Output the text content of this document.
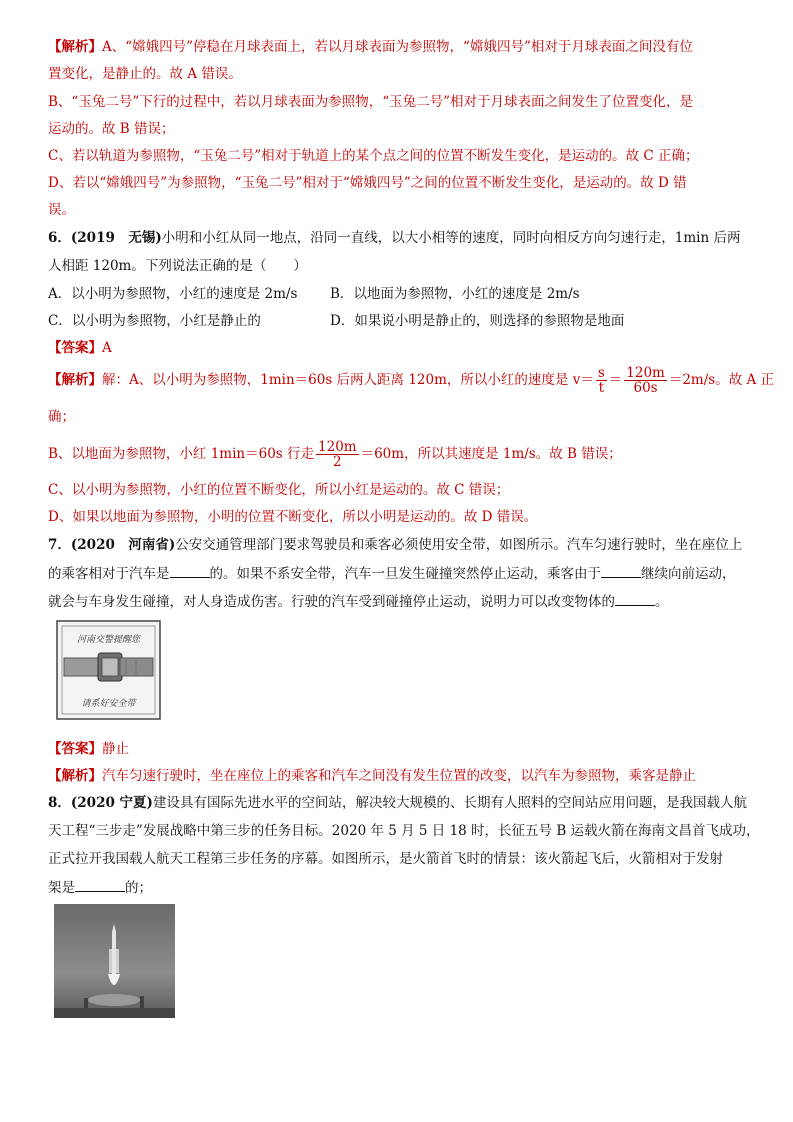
【解析】A、“嫦娥四号”停稳在月球表面上，若以月球表面为参照物，“嫦娥四号”相对于月球表面之间没有位
置变化，是静止的。故 A 错误。
B、“玉兔二号”下行的过程中，若以月球表面为参照物，“玉兔二号”相对于月球表面之间发生了位置变化，是
运动的。故 B 错误；
C、若以轨道为参照物，“玉兔二号”相对于轨道上的某个点之间的位置不断发生变化，是运动的。故 C 正确；
D、若以“嫦娥四号”为参照物，“玉兔二号”相对于“嫦娥四号”之间的位置不断发生变化，是运动的。故 D 错
误。
6．(2019　无锡)小明和小红从同一地点，沿同一直线，以大小相等的速度，同时向相反方向匀速行走，1min 后两
人相距 120m。下列说法正确的是（　　）
A．以小明为参照物，小红的速度是 2m/s B．以地面为参照物，小红的速度是 2m/s
C．以小明为参照物，小红是静止的	D．如果说小明是静止的，则选择的参照物是地面
【答案】A
【解析】解：A、以小明为参照物，1min＝60s 后两人距离 120m，所以小红的速度是 $v= \frac{s}{t} = \frac{120m}{60s} =2m/s$。故 A 正
确；
B、以地面为参照物，小红 1min＝60s 行走 $\frac{120m}{2} =60m$，所以其速度是 1m/s。故 B 错误；
C、以小明为参照物，小红的位置不断变化，所以小红是运动的。故 C 错误；
D、如果以地面为参照物，小明的位置不断变化，所以小明是运动的。故 D 错误。
7．(2020　河南省)公安交通管理部门要求驾驶员和乘客必须使用安全带，如图所示。汽车匀速行驶时，坐在座位上
的乘客相对于汽车是	的。如果不系安全带，汽车一旦发生碰撞突然停止运动，乘客由于	继续向前运动，
就会与车身发生碰撞，对人身造成伤害。行驶的汽车受到碰撞停止运动，说明力可以改变物体的	。
河南交警提醒您
请系好安全带
【答案】静止
【解析】汽车匀速行驶时，坐在座位上的乘客和汽车之间没有发生位置的改变，以汽车为参照物，乘客是静止
8．(2020 宁夏)建设具有国际先进水平的空间站，解决较大规模的、长期有人照料的空间站应用问题，是我国载人航
天工程“三步走”发展战略中第三步的任务目标。2020 年 5 月 5 日 18 时，长征五号 B 运载火箭在海南文昌首飞成功，
正式拉开我国载人航天工程第三步任务的序幕。如图所示，是火箭首飞时的情景：该火箭起飞后，火箭相对于发射
架是	的；
